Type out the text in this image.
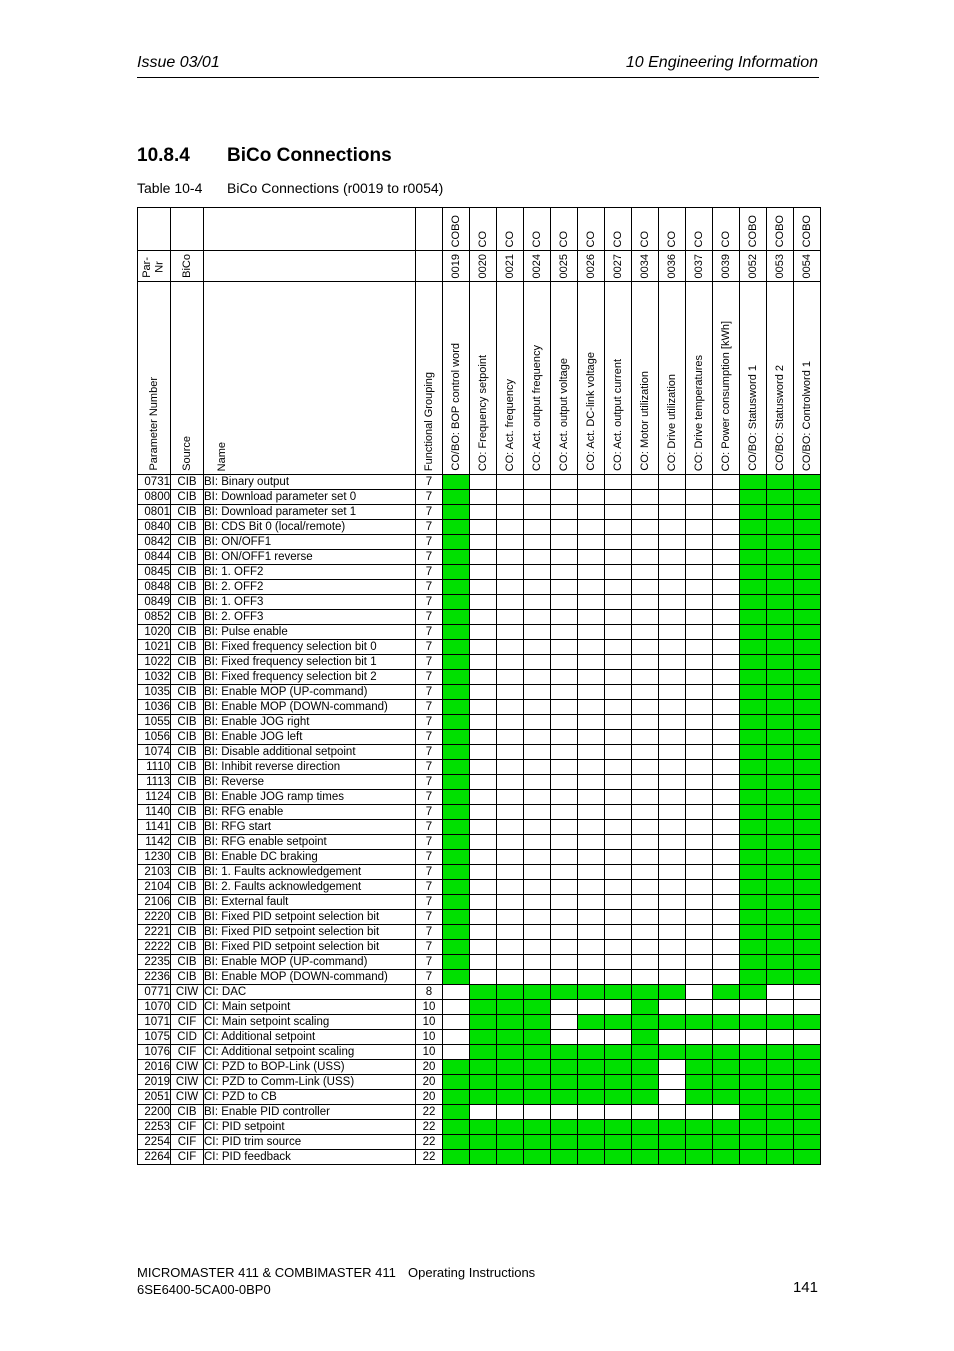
Issue 03/01	10 Engineering Information
10.8.4 BiCo Connections
Table 10-4 BiCo Connections (r0019 to r0054)

				COBO	CO	CO	CO	CO	CO	CO	CO	CO	CO	CO	COBO	COBO	COBO

Par-
Nr	BiCo			0019	0020	0021	0024	0025	0026	0027	0034	0036	0037	0039	0052	0053	0054

Parameter Number	Source	Name	Functional Grouping	CO/BO: BOP control word	CO: Frequency setpoint	CO: Act. frequency	CO: Act. output frequency	CO: Act. output voltage	CO: Act. DC-link voltage	CO: Act. output current	CO: Motor utilization	CO: Drive utilization	CO: Drive temperatures	CO: Power consumption [kWh]	CO/BO: Statusword 1	CO/BO: Statusword 2	CO/BO: Controlword 1

0731	CIB	BI: Binary output	7														
0800	CIB	BI: Download parameter set 0	7														
0801	CIB	BI: Download parameter set 1	7														
0840	CIB	BI: CDS Bit 0 (local/remote)	7														
0842	CIB	BI: ON/OFF1	7														
0844	CIB	BI: ON/OFF1 reverse	7														
0845	CIB	BI: 1. OFF2	7														
0848	CIB	BI: 2. OFF2	7														
0849	CIB	BI: 1. OFF3	7														
0852	CIB	BI: 2. OFF3	7														
1020	CIB	BI: Pulse enable	7														
1021	CIB	BI: Fixed frequency selection bit 0	7														
1022	CIB	BI: Fixed frequency selection bit 1	7														
1032	CIB	BI: Fixed frequency selection bit 2	7														
1035	CIB	BI: Enable MOP (UP-command)	7														
1036	CIB	BI: Enable MOP (DOWN-command)	7														
1055	CIB	BI: Enable JOG right	7														
1056	CIB	BI: Enable JOG left	7														
1074	CIB	BI: Disable additional setpoint	7														
1110	CIB	BI: Inhibit reverse direction	7														
1113	CIB	BI: Reverse	7														
1124	CIB	BI: Enable JOG ramp times	7														
1140	CIB	BI: RFG enable	7														
1141	CIB	BI: RFG start	7														
1142	CIB	BI: RFG enable setpoint	7														
1230	CIB	BI: Enable DC braking	7														
2103	CIB	BI: 1. Faults acknowledgement	7														
2104	CIB	BI: 2. Faults acknowledgement	7														
2106	CIB	BI: External fault	7														
2220	CIB	BI: Fixed PID setpoint selection bit	7														
2221	CIB	BI: Fixed PID setpoint selection bit	7														
2222	CIB	BI: Fixed PID setpoint selection bit	7														
2235	CIB	BI: Enable MOP (UP-command)	7														
2236	CIB	BI: Enable MOP (DOWN-command)	7														
0771	CIW	CI: DAC	8														
1070	CID	CI: Main setpoint	10														
1071	CIF	CI: Main setpoint scaling	10														
1075	CID	CI: Additional setpoint	10														
1076	CIF	CI: Additional setpoint scaling	10														
2016	CIW	CI: PZD to BOP-Link (USS)	20														
2019	CIW	CI: PZD to Comm-Link (USS)	20														
2051	CIW	CI: PZD to CB	20														
2200	CIB	BI: Enable PID controller	22														
2253	CIF	CI: PID setpoint	22														
2254	CIF	CI: PID trim source	22														
2264	CIF	CI: PID feedback	22														
MICROMASTER 411 & COMBIMASTER 411 Operating Instructions
6SE6400-5CA00-0BP0	141
